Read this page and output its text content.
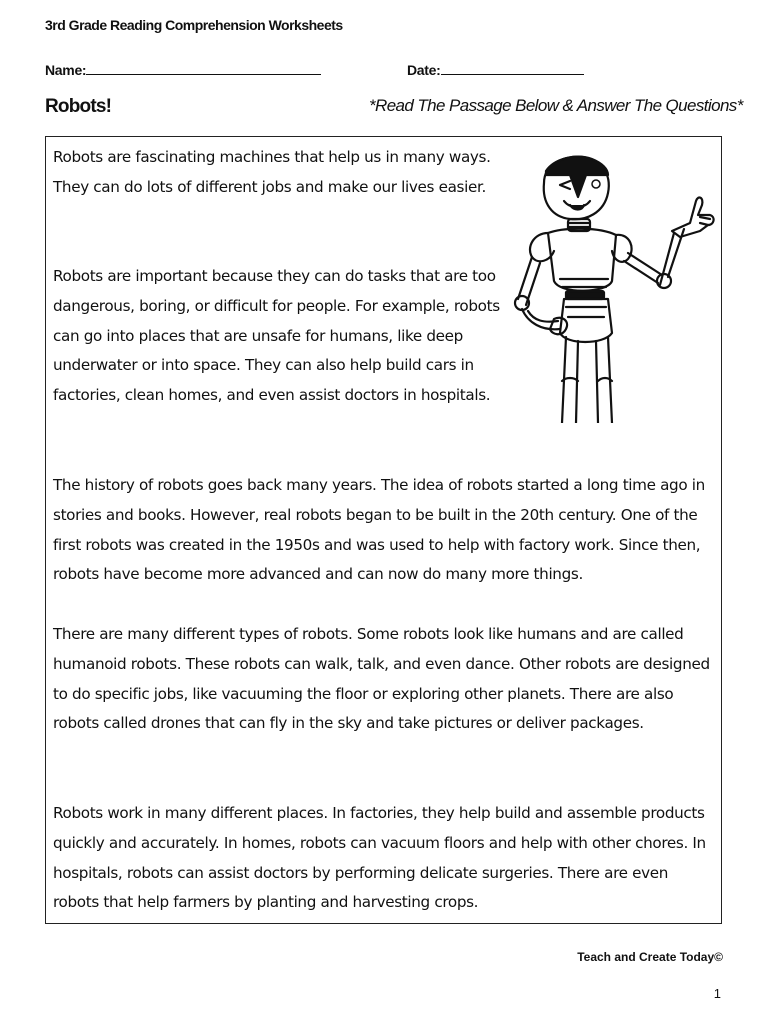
3rd Grade Reading Comprehension Worksheets
Name:	Date:
Robots!	*Read The Passage Below & Answer The Questions*

Robots are fascinating machines that help us in many ways. They can do lots of different jobs and make our lives easier.

Robots are important because they can do tasks that are too dangerous, boring, or difficult for people. For example, robots can go into places that are unsafe for humans, like deep underwater or into space. They can also help build cars in factories, clean homes, and even assist doctors in hospitals.

The history of robots goes back many years. The idea of robots started a long time ago in stories and books. However, real robots began to be built in the 20th century. One of the first robots was created in the 1950s and was used to help with factory work. Since then, robots have become more advanced and can now do many more things.

There are many different types of robots. Some robots look like humans and are called humanoid robots. These robots can walk, talk, and even dance. Other robots are designed to do specific jobs, like vacuuming the floor or exploring other planets. There are also robots called drones that can fly in the sky and take pictures or deliver packages.

Robots work in many different places. In factories, they help build and assemble products quickly and accurately. In homes, robots can vacuum floors and help with other chores. In hospitals, robots can assist doctors by performing delicate surgeries. There are even robots that help farmers by planting and harvesting crops.

Teach and Create Today©
1
